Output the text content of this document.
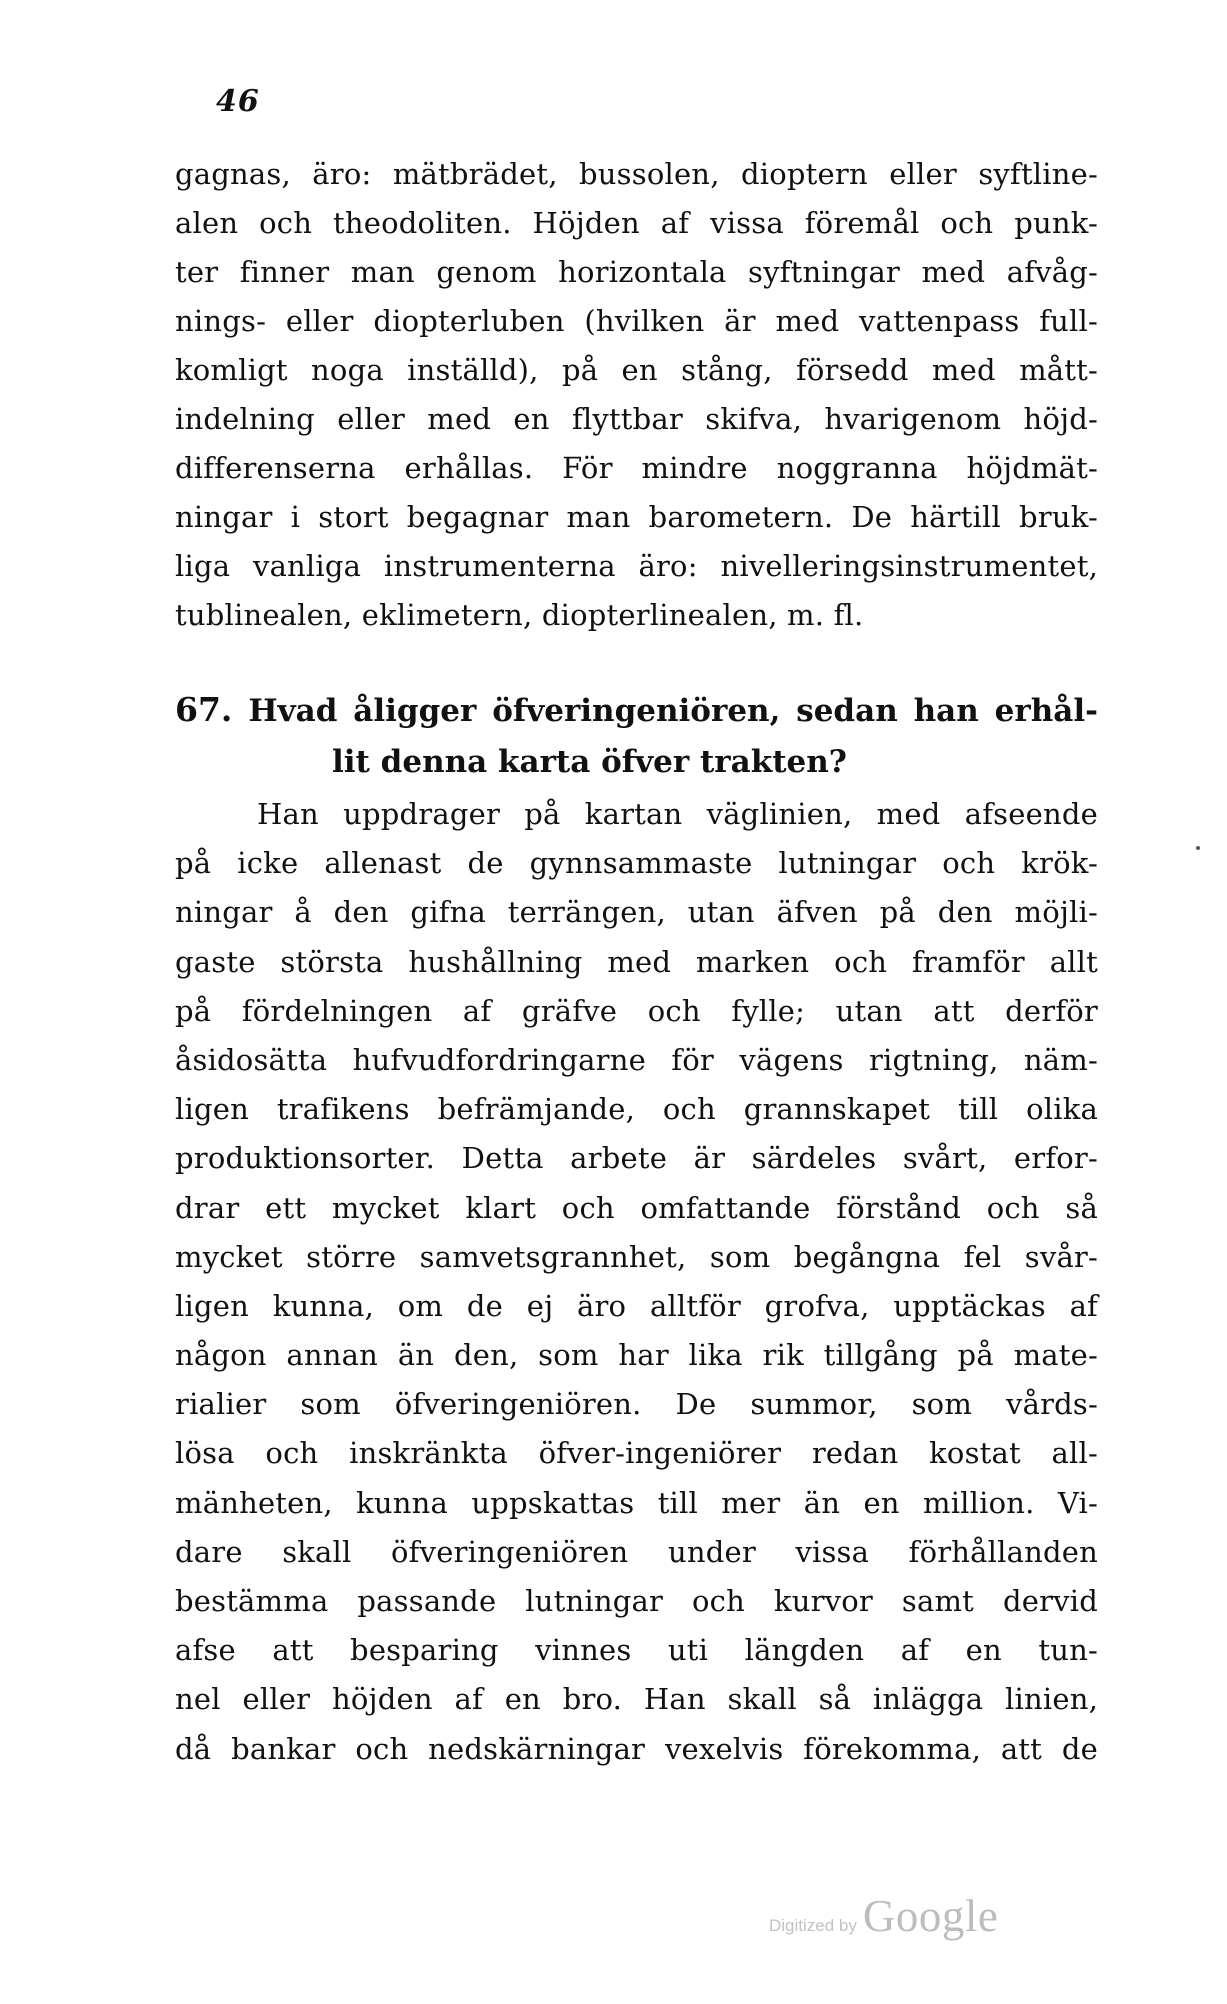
46
gagnas, äro: mätbrädet, bussolen, dioptern eller syftline-
alen och theodoliten. Höjden af vissa föremål och punk-
ter finner man genom horizontala syftningar med afvåg-
nings- eller diopterluben (hvilken är med vattenpass full-
komligt noga inställd), på en stång, försedd med mått-
indelning eller med en flyttbar skifva, hvarigenom höjd-
differenserna erhållas. För mindre noggranna höjdmät-
ningar i stort begagnar man barometern. De härtill bruk-
liga vanliga instrumenterna äro: nivelleringsinstrumentet,
tublinealen, eklimetern, diopterlinealen, m. fl.
67. Hvad åligger öfveringeniören, sedan han erhål-
lit denna karta öfver trakten?
Han uppdrager på kartan väglinien, med afseende
på icke allenast de gynnsammaste lutningar och krök-
ningar å den gifna terrängen, utan äfven på den möjli-
gaste största hushållning med marken och framför allt
på fördelningen af gräfve och fylle; utan att derför
åsidosätta hufvudfordringarne för vägens rigtning, näm-
ligen trafikens befrämjande, och grannskapet till olika
produktionsorter. Detta arbete är särdeles svårt, erfor-
drar ett mycket klart och omfattande förstånd och så
mycket större samvetsgrannhet, som begångna fel svår-
ligen kunna, om de ej äro alltför grofva, upptäckas af
någon annan än den, som har lika rik tillgång på mate-
rialier som öfveringeniören. De summor, som vårds-
lösa och inskränkta öfver-ingeniörer redan kostat all-
mänheten, kunna uppskattas till mer än en million. Vi-
dare skall öfveringeniören under vissa förhållanden
bestämma passande lutningar och kurvor samt dervid
afse att besparing vinnes uti längden af en tun-
nel eller höjden af en bro. Han skall så inlägga linien,
då bankar och nedskärningar vexelvis förekomma, att de
Digitized by Google
